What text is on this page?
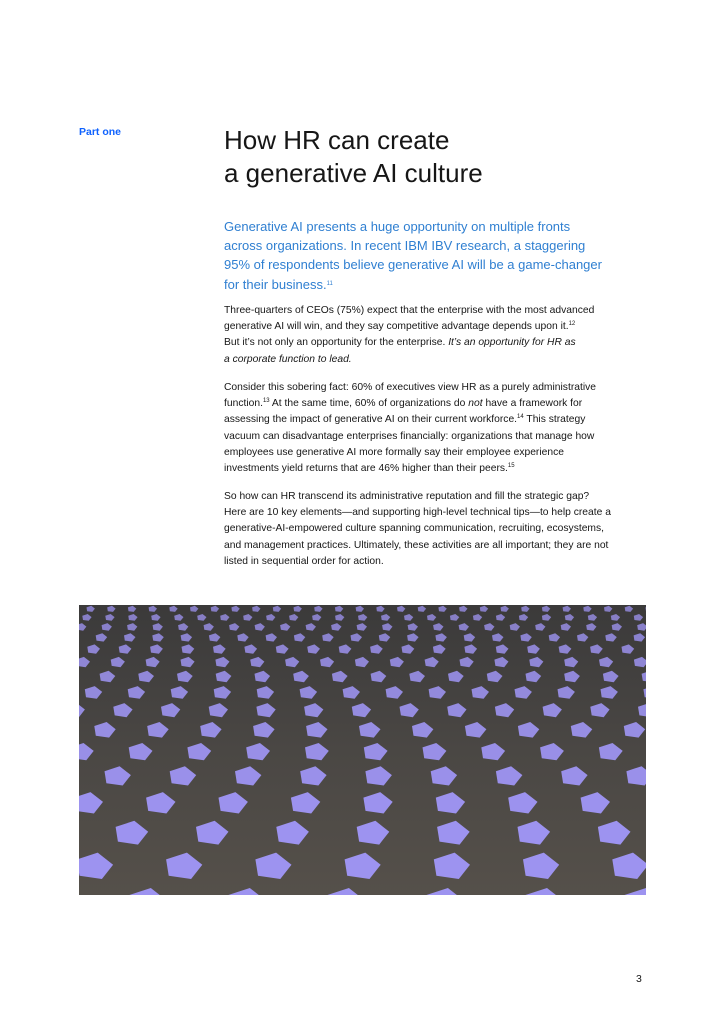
Part one	How HR can create
a generative AI culture
Generative AI presents a huge opportunity on multiple fronts
across organizations. In recent IBM IBV research, a staggering
95% of respondents believe generative AI will be a game-changer
for their business.$^{11}$
Three-quarters of CEOs (75%) expect that the enterprise with the most advanced
generative AI will win, and they say competitive advantage depends upon it.$^{12}$
But it’s not only an opportunity for the enterprise. It’s an opportunity for HR as
a corporate function to lead.
Consider this sobering fact: 60% of executives view HR as a purely administrative
function.$^{13}$ At the same time, 60% of organizations do not have a framework for
assessing the impact of generative AI on their current workforce.$^{14}$ This strategy
vacuum can disadvantage enterprises financially: organizations that manage how
employees use generative AI more formally say their employee experience
investments yield returns that are 46% higher than their peers.$^{15}$
So how can HR transcend its administrative reputation and fill the strategic gap?
Here are 10 key elements—and supporting high-level technical tips—to help create a
generative-AI-empowered culture spanning communication, recruiting, ecosystems,
and management practices. Ultimately, these activities are all important; they are not
listed in sequential order for action.
3
